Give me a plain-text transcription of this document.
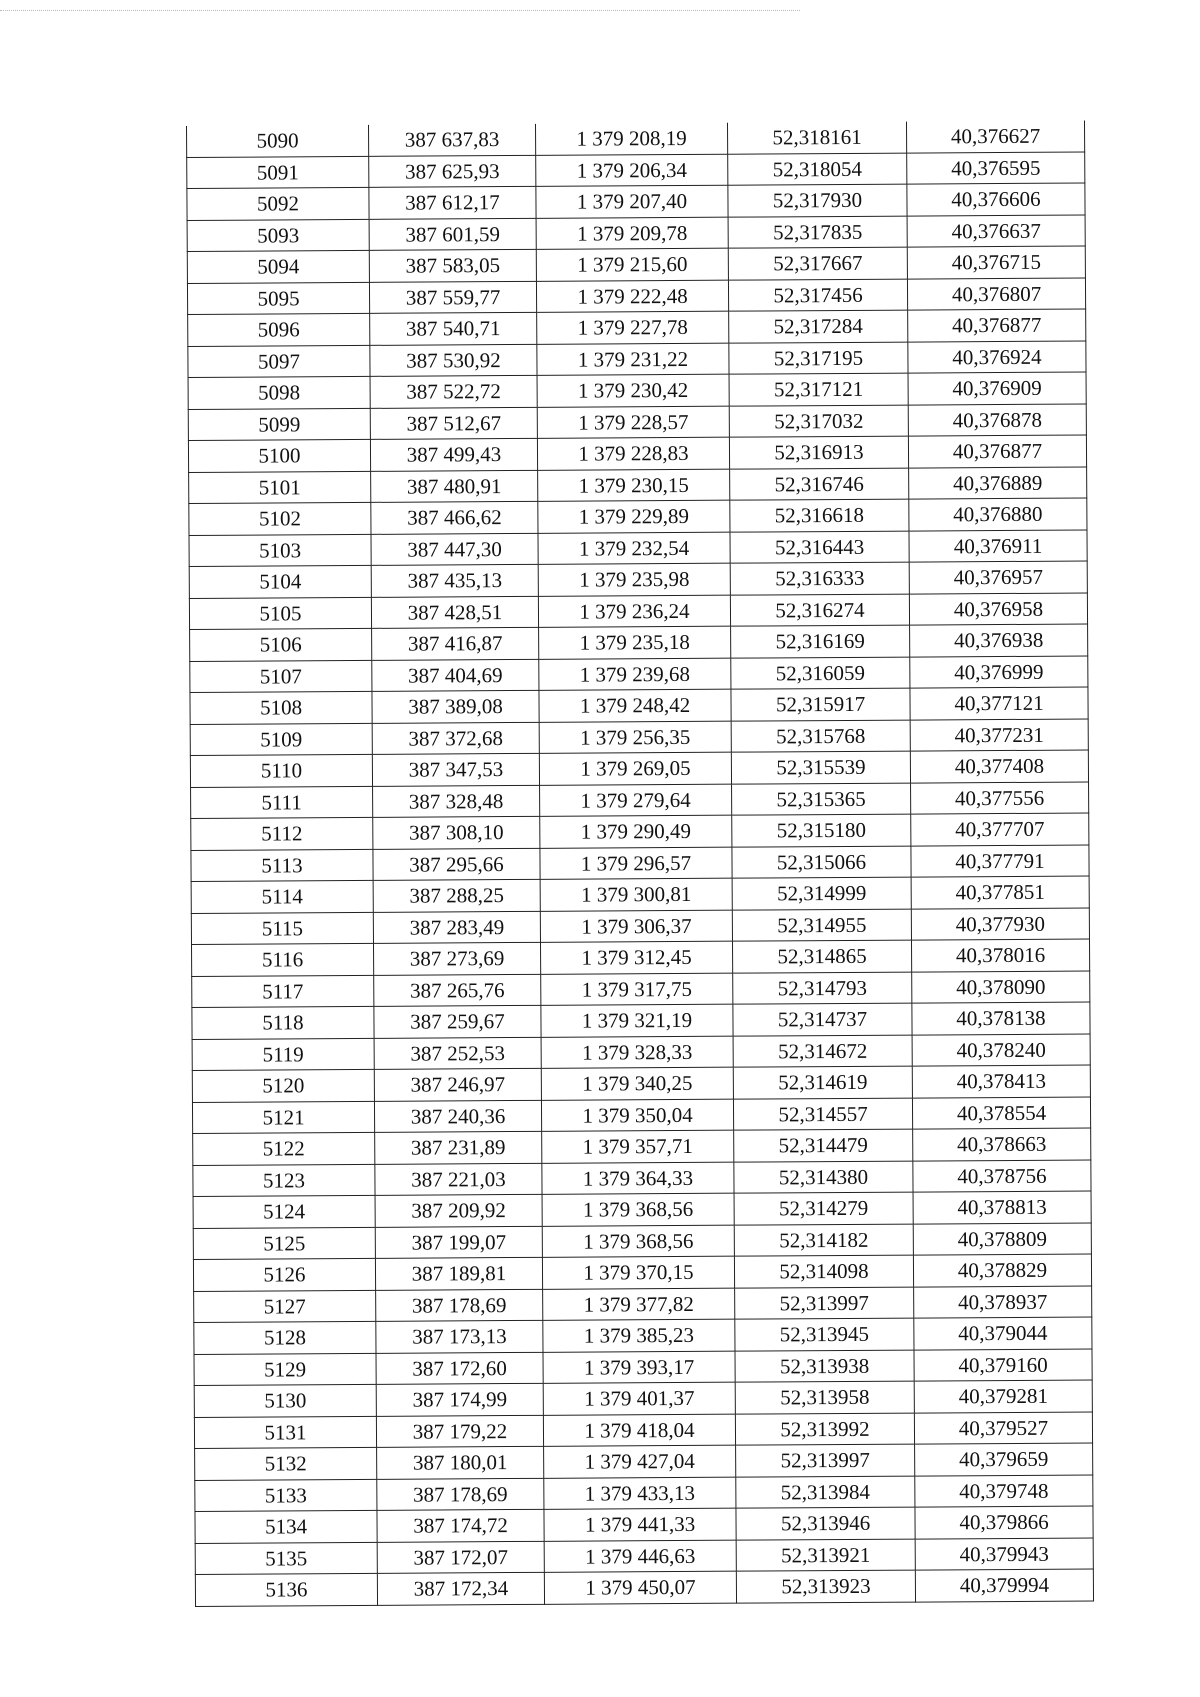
5090	387 637,83	1 379 208,19	52,318161	40,376627
5091	387 625,93	1 379 206,34	52,318054	40,376595
5092	387 612,17	1 379 207,40	52,317930	40,376606
5093	387 601,59	1 379 209,78	52,317835	40,376637
5094	387 583,05	1 379 215,60	52,317667	40,376715
5095	387 559,77	1 379 222,48	52,317456	40,376807
5096	387 540,71	1 379 227,78	52,317284	40,376877
5097	387 530,92	1 379 231,22	52,317195	40,376924
5098	387 522,72	1 379 230,42	52,317121	40,376909
5099	387 512,67	1 379 228,57	52,317032	40,376878
5100	387 499,43	1 379 228,83	52,316913	40,376877
5101	387 480,91	1 379 230,15	52,316746	40,376889
5102	387 466,62	1 379 229,89	52,316618	40,376880
5103	387 447,30	1 379 232,54	52,316443	40,376911
5104	387 435,13	1 379 235,98	52,316333	40,376957
5105	387 428,51	1 379 236,24	52,316274	40,376958
5106	387 416,87	1 379 235,18	52,316169	40,376938
5107	387 404,69	1 379 239,68	52,316059	40,376999
5108	387 389,08	1 379 248,42	52,315917	40,377121
5109	387 372,68	1 379 256,35	52,315768	40,377231
5110	387 347,53	1 379 269,05	52,315539	40,377408
5111	387 328,48	1 379 279,64	52,315365	40,377556
5112	387 308,10	1 379 290,49	52,315180	40,377707
5113	387 295,66	1 379 296,57	52,315066	40,377791
5114	387 288,25	1 379 300,81	52,314999	40,377851
5115	387 283,49	1 379 306,37	52,314955	40,377930
5116	387 273,69	1 379 312,45	52,314865	40,378016
5117	387 265,76	1 379 317,75	52,314793	40,378090
5118	387 259,67	1 379 321,19	52,314737	40,378138
5119	387 252,53	1 379 328,33	52,314672	40,378240
5120	387 246,97	1 379 340,25	52,314619	40,378413
5121	387 240,36	1 379 350,04	52,314557	40,378554
5122	387 231,89	1 379 357,71	52,314479	40,378663
5123	387 221,03	1 379 364,33	52,314380	40,378756
5124	387 209,92	1 379 368,56	52,314279	40,378813
5125	387 199,07	1 379 368,56	52,314182	40,378809
5126	387 189,81	1 379 370,15	52,314098	40,378829
5127	387 178,69	1 379 377,82	52,313997	40,378937
5128	387 173,13	1 379 385,23	52,313945	40,379044
5129	387 172,60	1 379 393,17	52,313938	40,379160
5130	387 174,99	1 379 401,37	52,313958	40,379281
5131	387 179,22	1 379 418,04	52,313992	40,379527
5132	387 180,01	1 379 427,04	52,313997	40,379659
5133	387 178,69	1 379 433,13	52,313984	40,379748
5134	387 174,72	1 379 441,33	52,313946	40,379866
5135	387 172,07	1 379 446,63	52,313921	40,379943
5136	387 172,34	1 379 450,07	52,313923	40,379994
